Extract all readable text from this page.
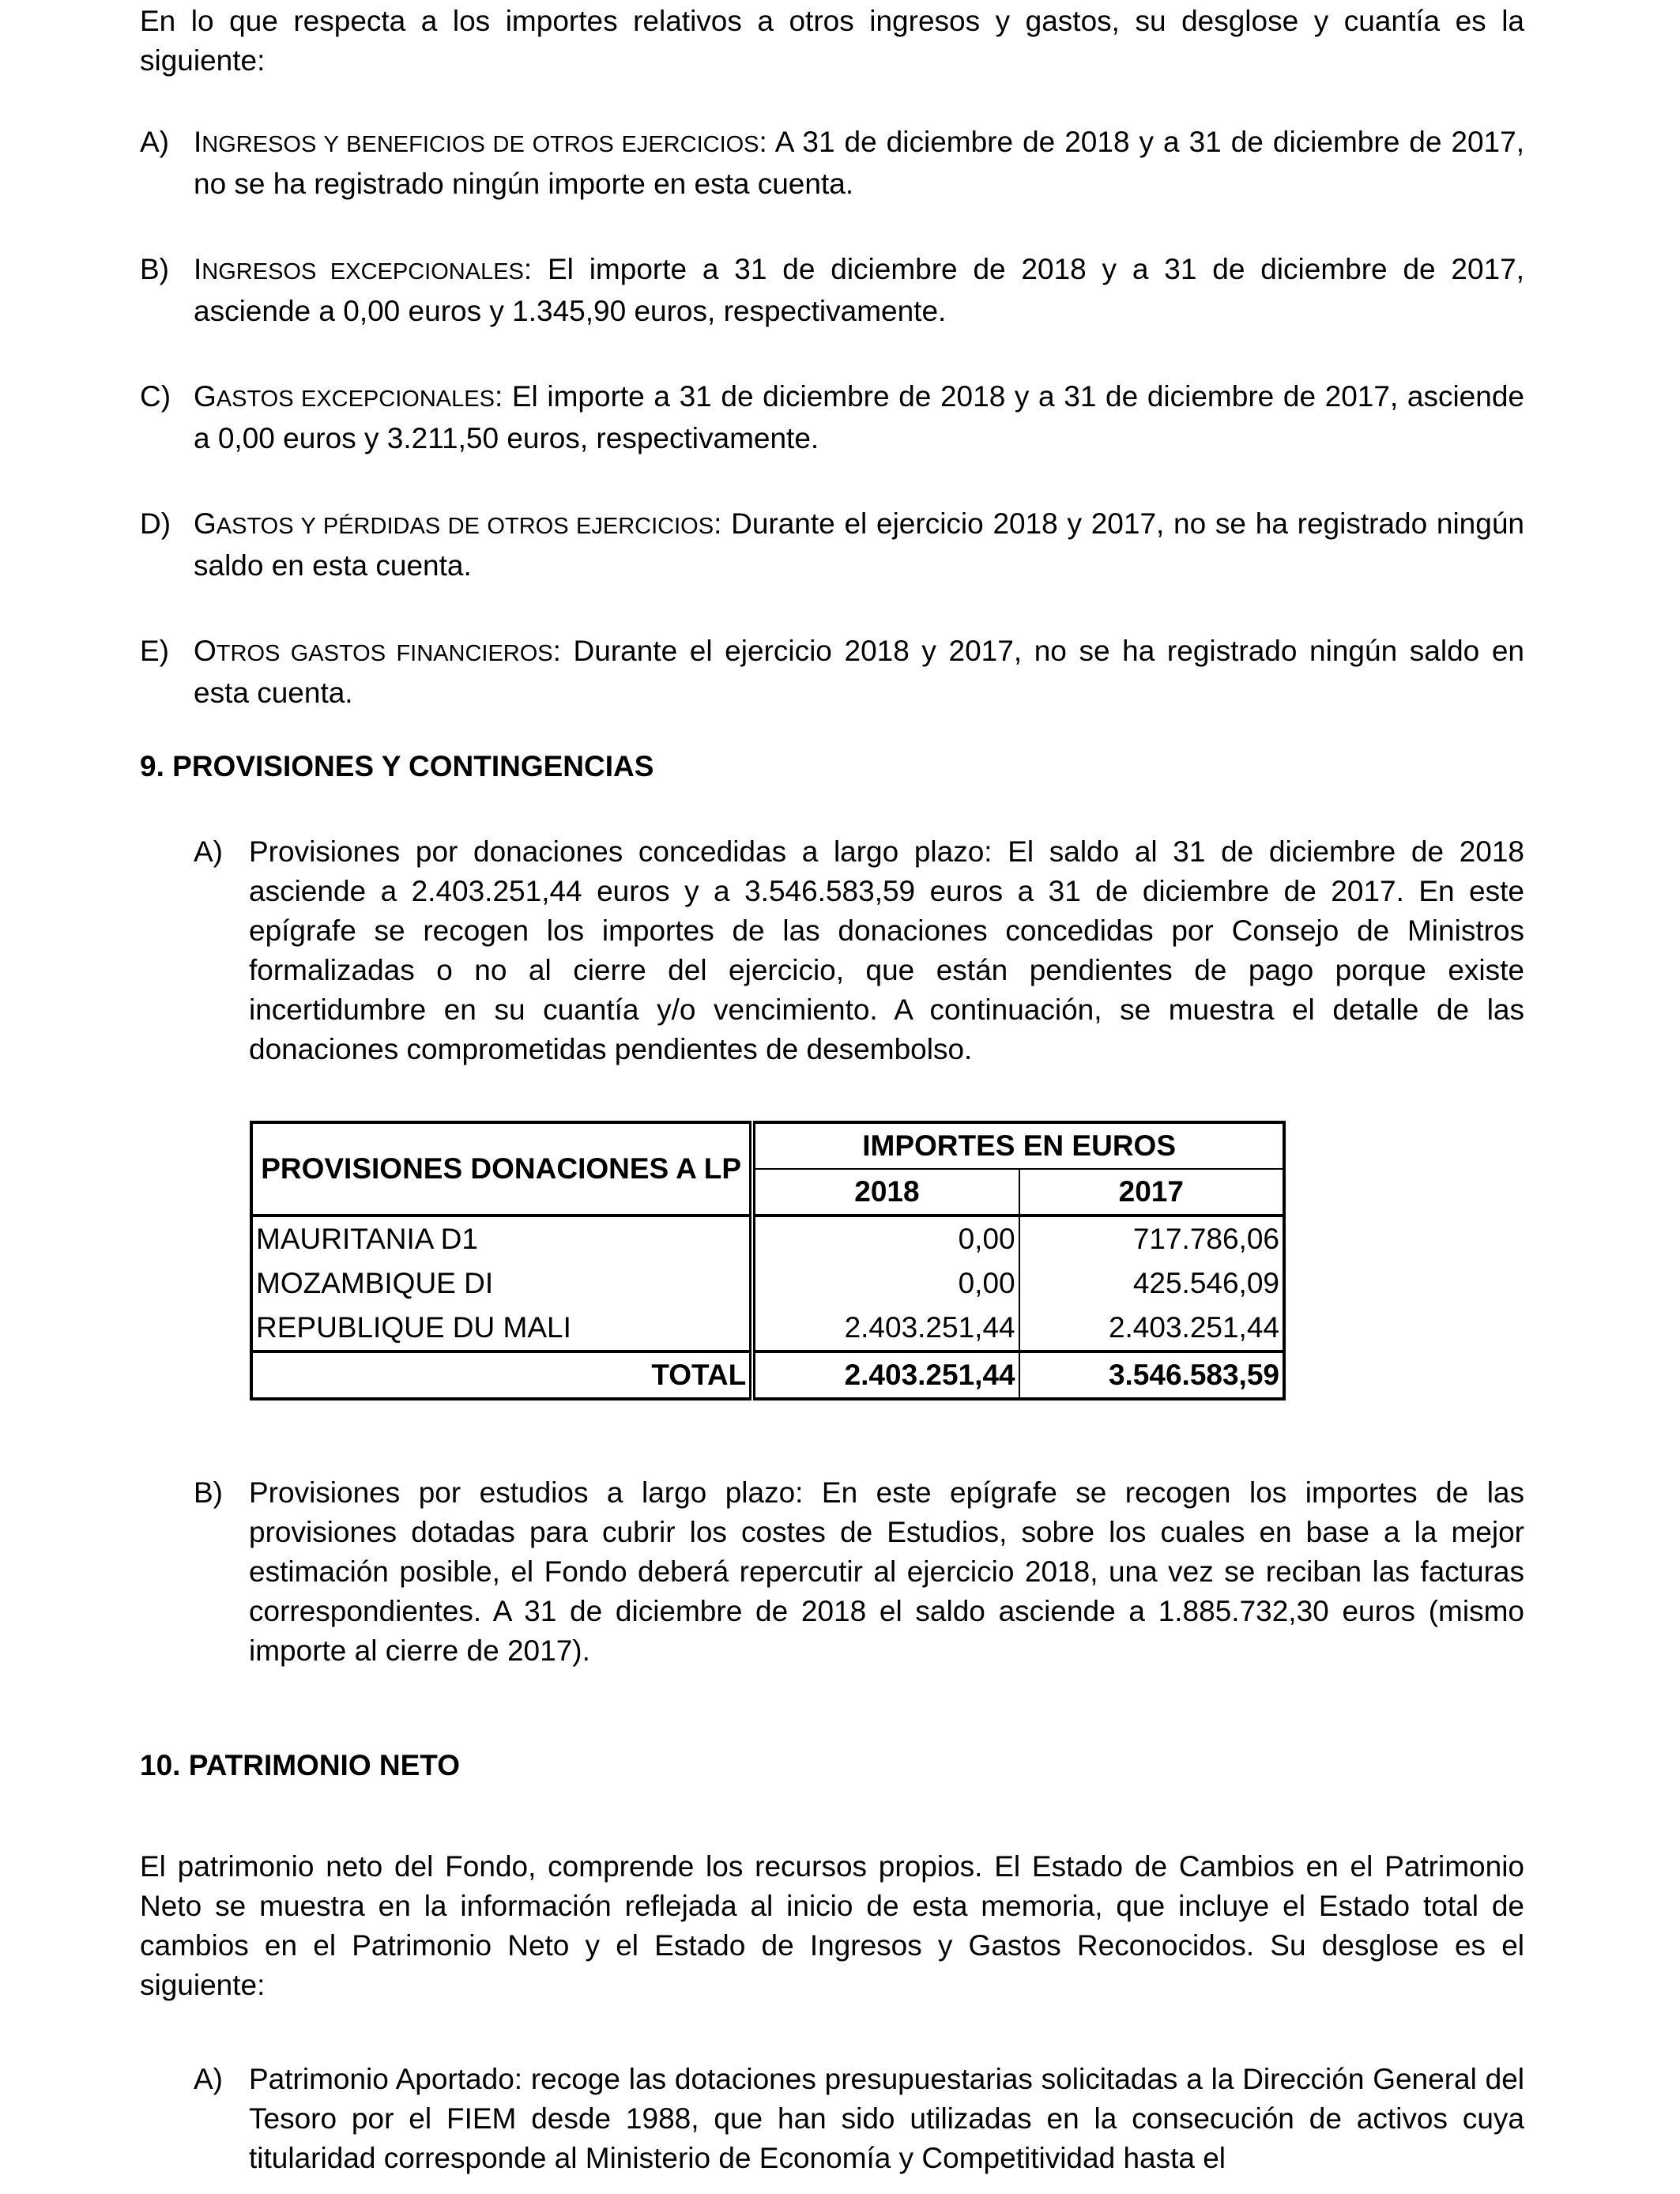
En lo que respecta a los importes relativos a otros ingresos y gastos, su desglose y cuantía es la siguiente:

A) INGRESOS Y BENEFICIOS DE OTROS EJERCICIOS: A 31 de diciembre de 2018 y a 31 de diciembre de 2017, no se ha registrado ningún importe en esta cuenta.

B) INGRESOS EXCEPCIONALES: El importe a 31 de diciembre de 2018 y a 31 de diciembre de 2017, asciende a 0,00 euros y 1.345,90 euros, respectivamente.

C) GASTOS EXCEPCIONALES: El importe a 31 de diciembre de 2018 y a 31 de diciembre de 2017, asciende a 0,00 euros y 3.211,50 euros, respectivamente.

D) GASTOS Y PÉRDIDAS DE OTROS EJERCICIOS: Durante el ejercicio 2018 y 2017, no se ha registrado ningún saldo en esta cuenta.

E) OTROS GASTOS FINANCIEROS: Durante el ejercicio 2018 y 2017, no se ha registrado ningún saldo en esta cuenta.

9. PROVISIONES Y CONTINGENCIAS

A) Provisiones por donaciones concedidas a largo plazo: El saldo al 31 de diciembre de 2018 asciende a 2.403.251,44 euros y a 3.546.583,59 euros a 31 de diciembre de 2017. En este epígrafe se recogen los importes de las donaciones concedidas por Consejo de Ministros formalizadas o no al cierre del ejercicio, que están pendientes de pago porque existe incertidumbre en su cuantía y/o vencimiento. A continuación, se muestra el detalle de las donaciones comprometidas pendientes de desembolso.

PROVISIONES DONACIONES A LP	IMPORTES EN EUROS	
	2018	2017
MAURITANIA D1	0,00	717.786,06
MOZAMBIQUE DI	0,00	425.546,09
REPUBLIQUE DU MALI	2.403.251,44	2.403.251,44
TOTAL	2.403.251,44	3.546.583,59
B) Provisiones por estudios a largo plazo: En este epígrafe se recogen los importes de las provisiones dotadas para cubrir los costes de Estudios, sobre los cuales en base a la mejor estimación posible, el Fondo deberá repercutir al ejercicio 2018, una vez se reciban las facturas correspondientes. A 31 de diciembre de 2018 el saldo asciende a 1.885.732,30 euros (mismo importe al cierre de 2017).

10. PATRIMONIO NETO

El patrimonio neto del Fondo, comprende los recursos propios. El Estado de Cambios en el Patrimonio Neto se muestra en la información reflejada al inicio de esta memoria, que incluye el Estado total de cambios en el Patrimonio Neto y el Estado de Ingresos y Gastos Reconocidos. Su desglose es el siguiente:

A) Patrimonio Aportado: recoge las dotaciones presupuestarias solicitadas a la Dirección General del Tesoro por el FIEM desde 1988, que han sido utilizadas en la consecución de activos cuya titularidad corresponde al Ministerio de Economía y Competitividad hasta el
